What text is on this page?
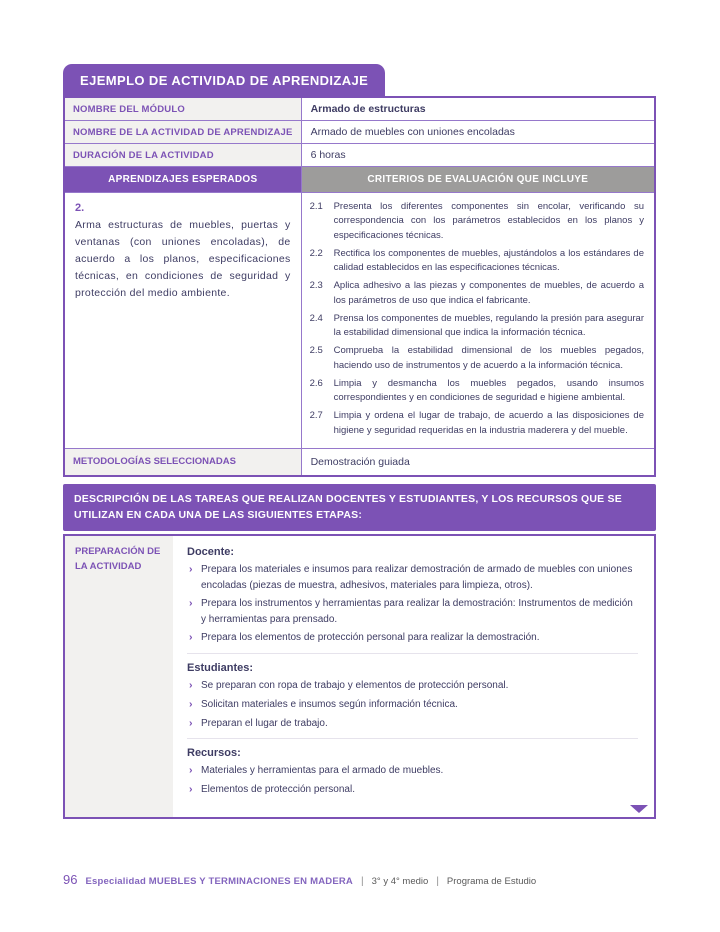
EJEMPLO DE ACTIVIDAD DE APRENDIZAJE
NOMBRE DEL MÓDULO	Armado de estructuras
NOMBRE DE LA ACTIVIDAD DE APRENDIZAJE	Armado de muebles con uniones encoladas
DURACIÓN DE LA ACTIVIDAD	6 horas
APRENDIZAJES ESPERADOS	CRITERIOS DE EVALUACIÓN QUE INCLUYE

2.
Arma estructuras de muebles, puertas y ventanas (con uniones encoladas), de acuerdo a los planos, especificaciones técnicas, en condiciones de seguridad y protección del medio ambiente.

2.1	Presenta los diferentes componentes sin encolar, verificando su correspondencia con los parámetros establecidos en los planos y especificaciones técnicas.
2.2	Rectifica los componentes de muebles, ajustándolos a los estándares de calidad establecidos en las especificaciones técnicas.
2.3	Aplica adhesivo a las piezas y componentes de muebles, de acuerdo a los parámetros de uso que indica el fabricante.
2.4	Prensa los componentes de muebles, regulando la presión para asegurar la estabilidad dimensional que indica la información técnica.
2.5	Comprueba la estabilidad dimensional de los muebles pegados, haciendo uso de instrumentos y de acuerdo a la información técnica.
2.6	Limpia y desmancha los muebles pegados, usando insumos correspondientes y en condiciones de seguridad e higiene ambiental.
2.7	Limpia y ordena el lugar de trabajo, de acuerdo a las disposiciones de higiene y seguridad requeridas en la industria maderera y del mueble.

METODOLOGÍAS SELECCIONADAS	Demostración guiada
DESCRIPCIÓN DE LAS TAREAS QUE REALIZAN DOCENTES Y ESTUDIANTES, Y LOS RECURSOS QUE SE UTILIZAN EN CADA UNA DE LAS SIGUIENTES ETAPAS:
PREPARACIÓN DE LA ACTIVIDAD
Docente:
› Prepara los materiales e insumos para realizar demostración de armado de muebles con uniones encoladas (piezas de muestra, adhesivos, materiales para limpieza, otros).
› Prepara los instrumentos y herramientas para realizar la demostración: Instrumentos de medición y herramientas para prensado.
› Prepara los elementos de protección personal para realizar la demostración.
Estudiantes:
› Se preparan con ropa de trabajo y elementos de protección personal.
› Solicitan materiales e insumos según información técnica.
› Preparan el lugar de trabajo.
Recursos:
› Materiales y herramientas para el armado de muebles.
› Elementos de protección personal.
96 Especialidad MUEBLES Y TERMINACIONES EN MADERA | 3° y 4° medio | Programa de Estudio
